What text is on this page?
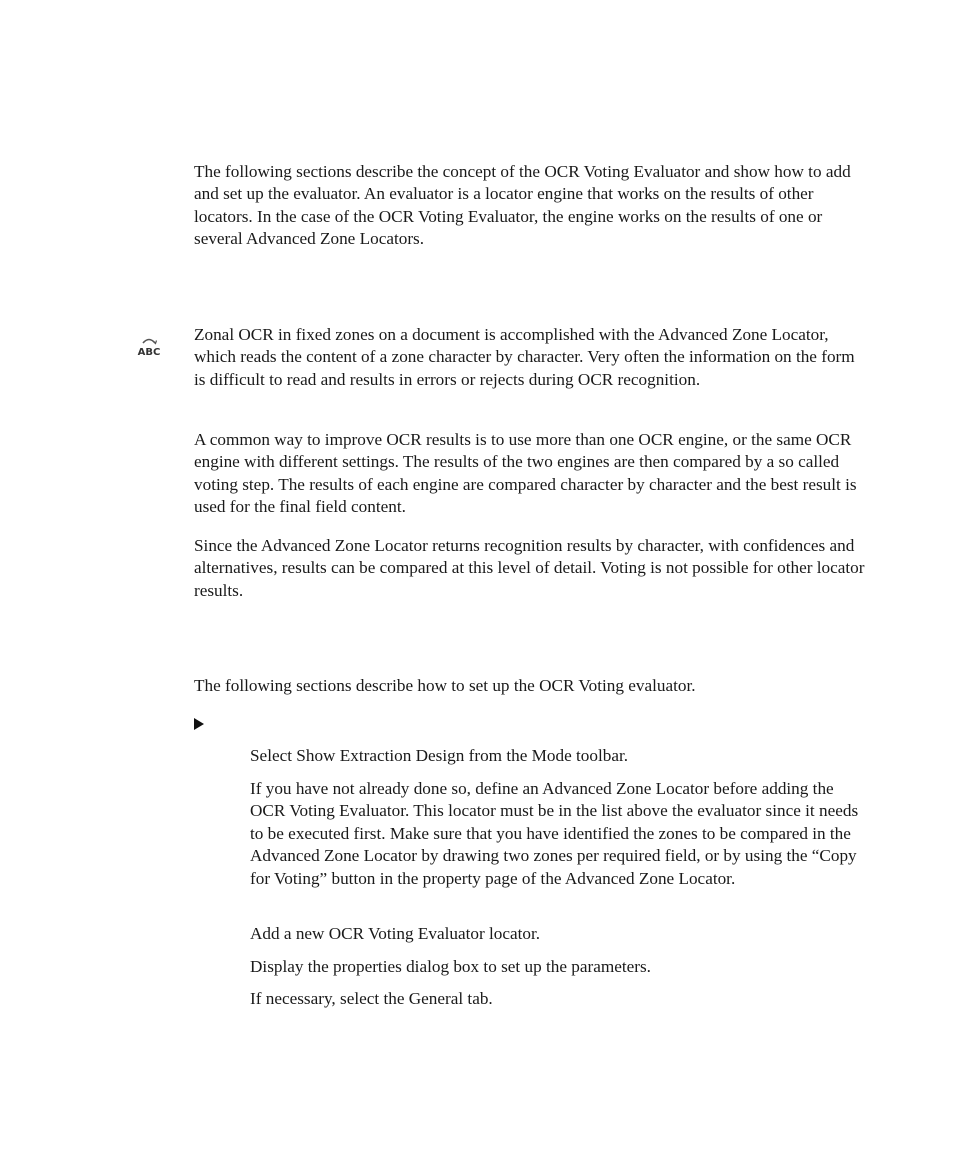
The following sections describe the concept of the OCR Voting Evaluator and show how to add and set up the evaluator. An evaluator is a locator engine that works on the results of other locators. In the case of the OCR Voting Evaluator, the engine works on the results of one or several Advanced Zone Locators.

ABC

Zonal OCR in fixed zones on a document is accomplished with the Advanced Zone Locator, which reads the content of a zone character by character. Very often the information on the form is difficult to read and results in errors or rejects during OCR recognition.

A common way to improve OCR results is to use more than one OCR engine, or the same OCR engine with different settings. The results of the two engines are then compared by a so called voting step. The results of each engine are compared character by character and the best result is used for the final field content.

Since the Advanced Zone Locator returns recognition results by character, with confidences and alternatives, results can be compared at this level of detail. Voting is not possible for other locator results.

The following sections describe how to set up the OCR Voting evaluator.

Select Show Extraction Design from the Mode toolbar.

If you have not already done so, define an Advanced Zone Locator before adding the OCR Voting Evaluator. This locator must be in the list above the evaluator since it needs to be executed first. Make sure that you have identified the zones to be compared in the Advanced Zone Locator by drawing two zones per required field, or by using the “Copy for Voting” button in the property page of the Advanced Zone Locator.

Add a new OCR Voting Evaluator locator.

Display the properties dialog box to set up the parameters.

If necessary, select the General tab.
